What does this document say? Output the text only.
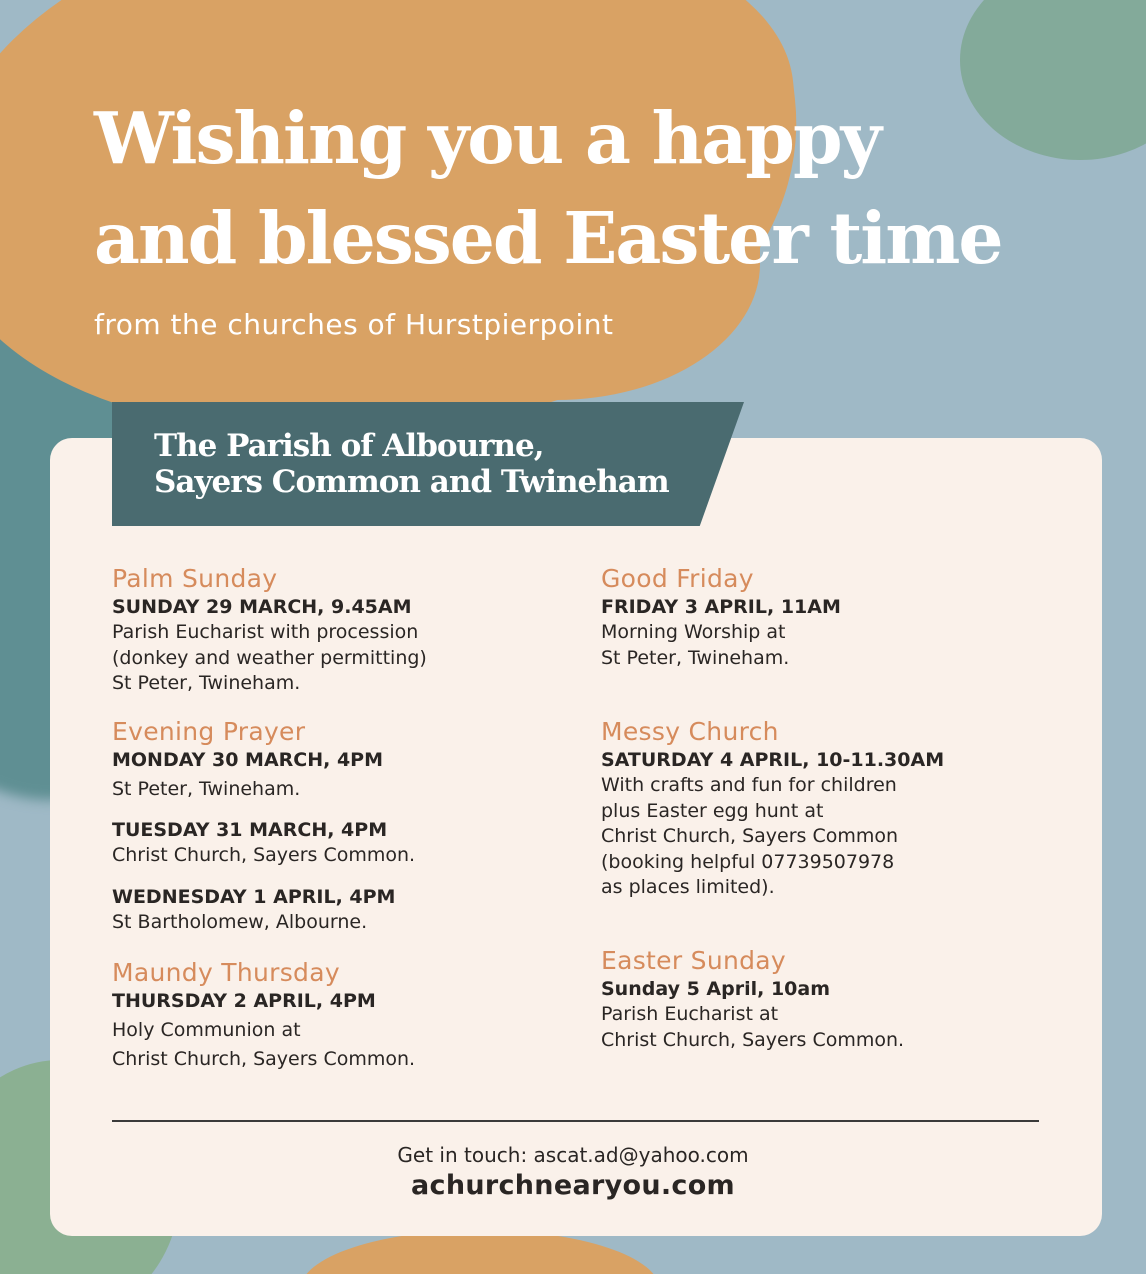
Wishing you a happy
and blessed Easter time
from the churches of Hurstpierpoint
The Parish of Albourne,
Sayers Common and Twineham
Palm Sunday
SUNDAY 29 MARCH, 9.45AM
Parish Eucharist with procession
(donkey and weather permitting)
St Peter, Twineham.
Evening Prayer
MONDAY 30 MARCH, 4PM
St Peter, Twineham.
TUESDAY 31 MARCH, 4PM
Christ Church, Sayers Common.
WEDNESDAY 1 APRIL, 4PM
St Bartholomew, Albourne.
Maundy Thursday
THURSDAY 2 APRIL, 4PM
Holy Communion at
Christ Church, Sayers Common.
Good Friday
FRIDAY 3 APRIL, 11AM
Morning Worship at
St Peter, Twineham.
Messy Church
SATURDAY 4 APRIL, 10-11.30AM
With crafts and fun for children
plus Easter egg hunt at
Christ Church, Sayers Common
(booking helpful 07739507978
as places limited).
Easter Sunday
Sunday 5 April, 10am
Parish Eucharist at
Christ Church, Sayers Common.
Get in touch: ascat.ad@yahoo.com
achurchnearyou.com
